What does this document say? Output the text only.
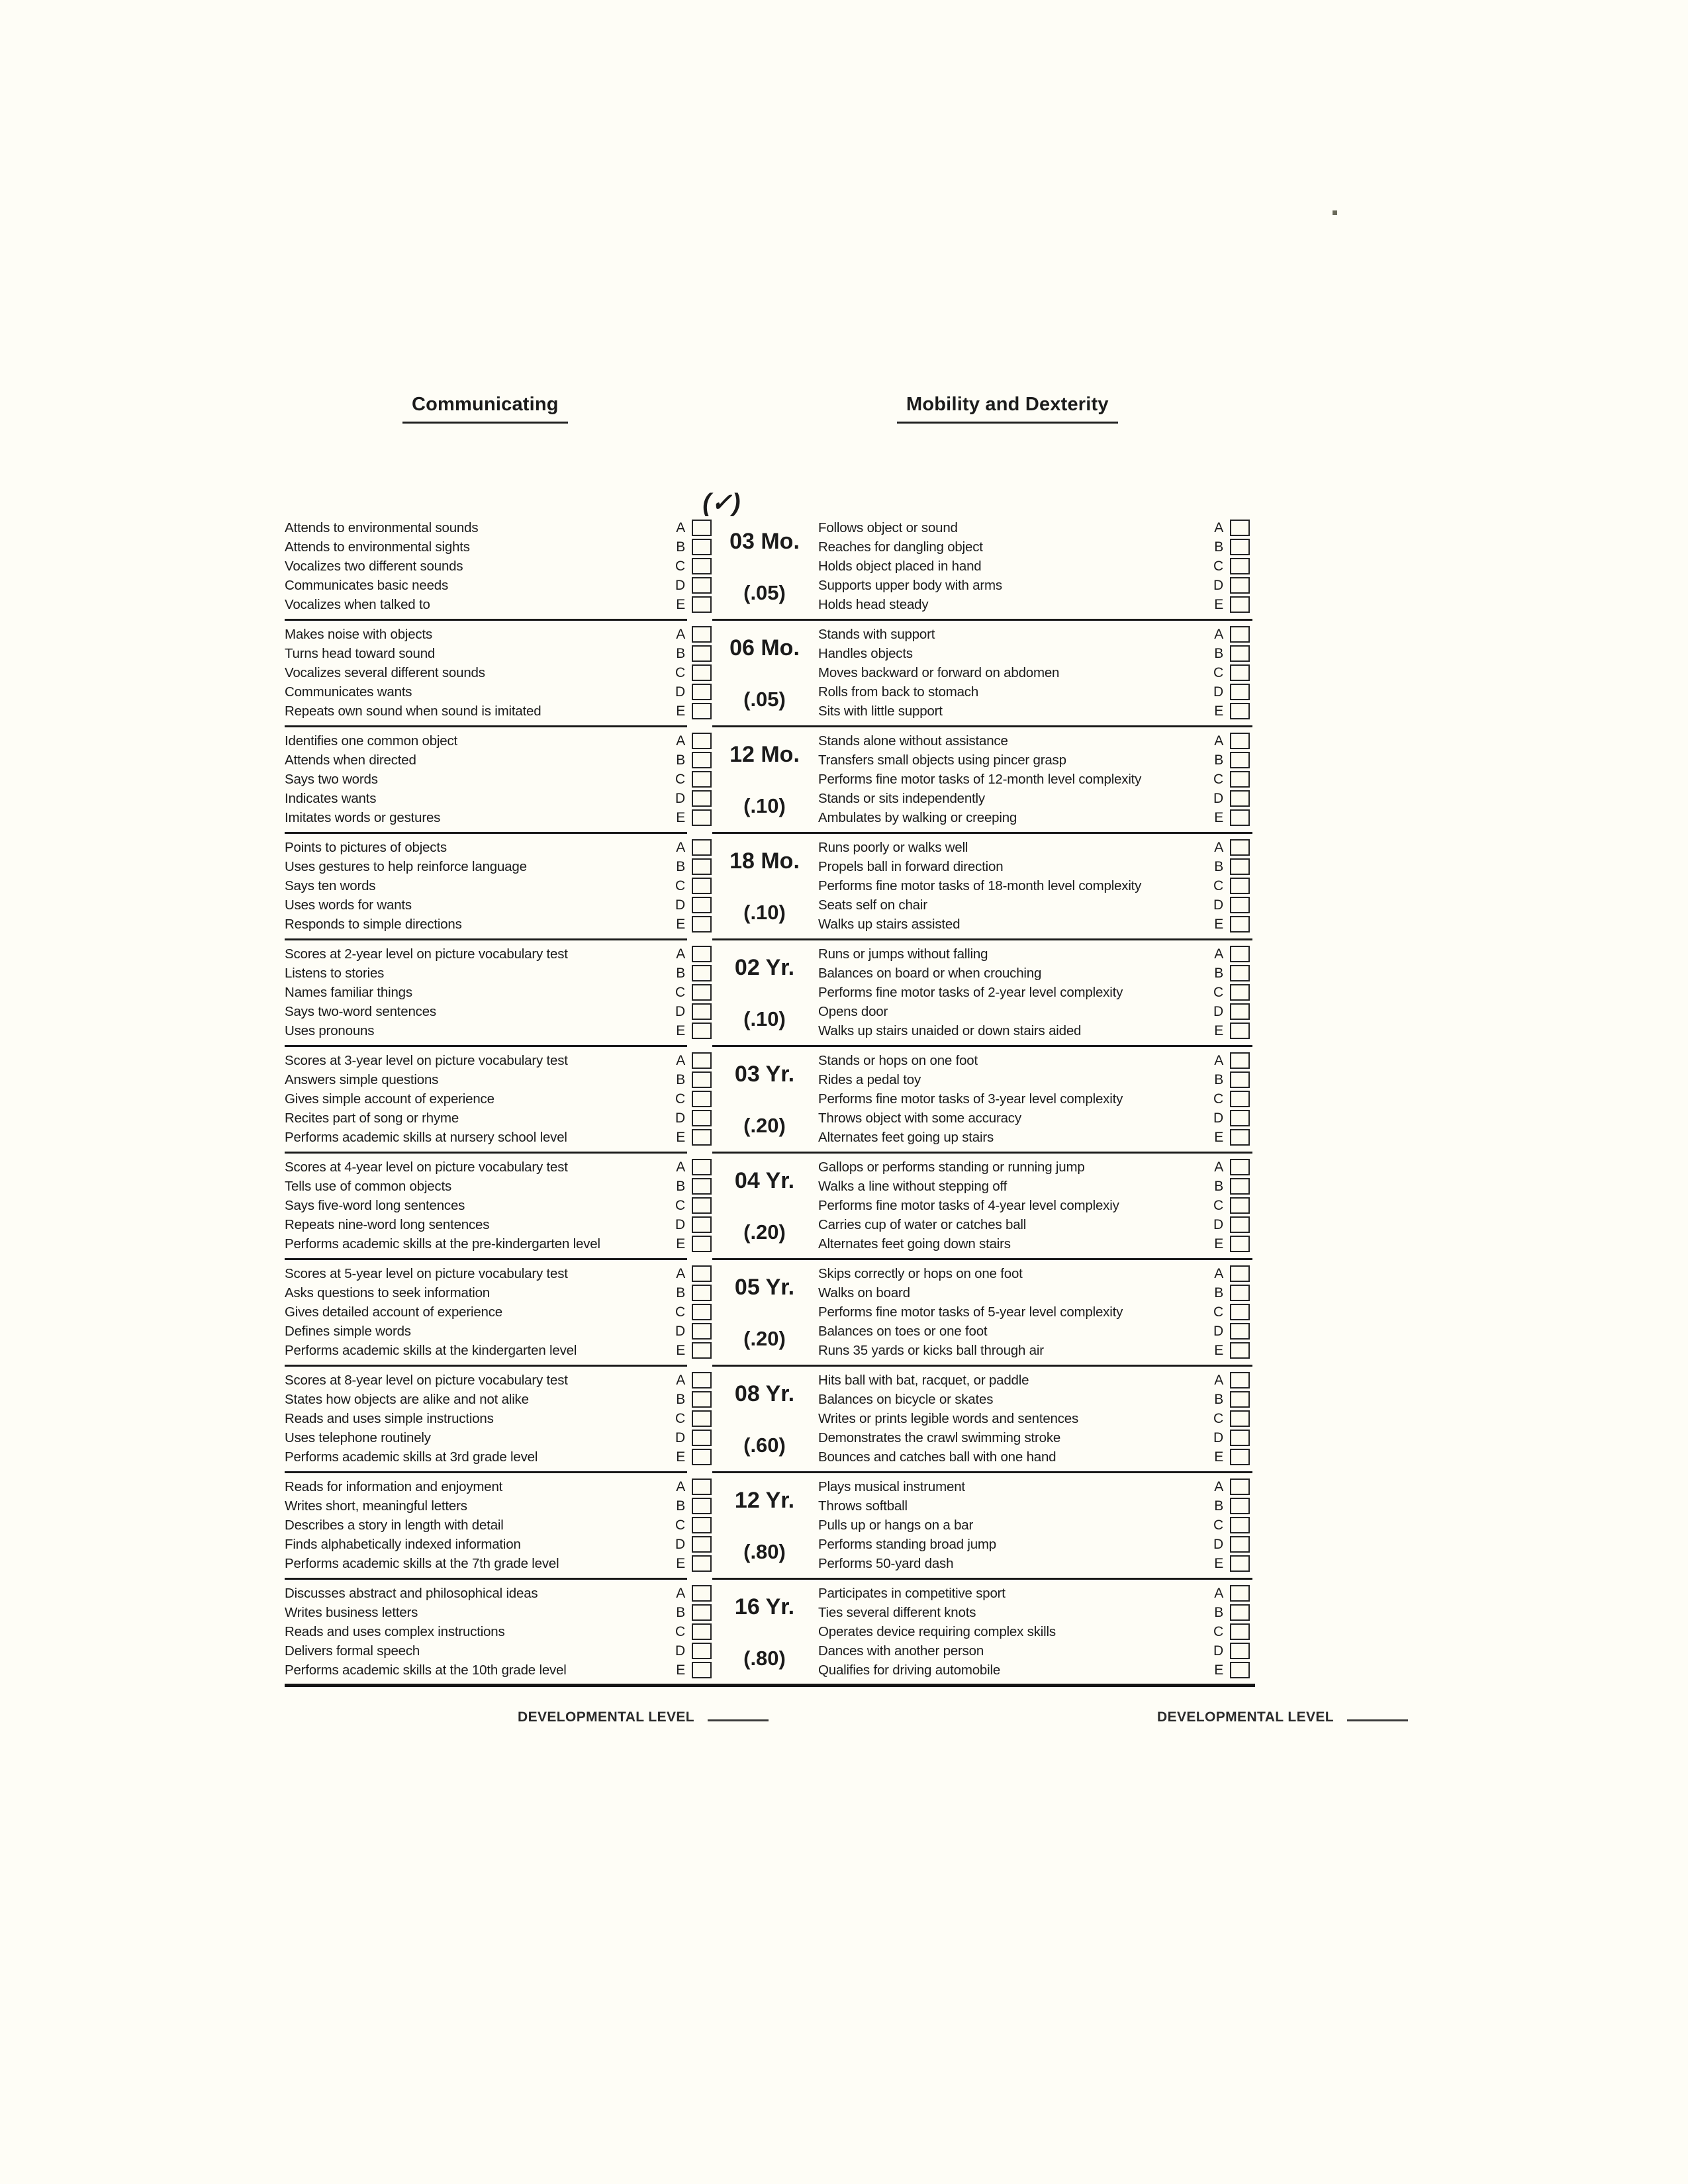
Communicating	Mobility and Dexterity
(✓)
Attends to environmental sounds
Attends to environmental sights
Vocalizes two different sounds
Communicates basic needs
Vocalizes when talked to
A
B
C
D
E
03 Mo.
(.05)
Follows object or sound
Reaches for dangling object
Holds object placed in hand
Supports upper body with arms
Holds head steady
A
B
C
D
E
Makes noise with objects
Turns head toward sound
Vocalizes several different sounds
Communicates wants
Repeats own sound when sound is imitated
A
B
C
D
E
06 Mo.
(.05)
Stands with support
Handles objects
Moves backward or forward on abdomen
Rolls from back to stomach
Sits with little support
A
B
C
D
E
Identifies one common object
Attends when directed
Says two words
Indicates wants
Imitates words or gestures
A
B
C
D
E
12 Mo.
(.10)
Stands alone without assistance
Transfers small objects using pincer grasp
Performs fine motor tasks of 12-month level complexity
Stands or sits independently
Ambulates by walking or creeping
A
B
C
D
E
Points to pictures of objects
Uses gestures to help reinforce language
Says ten words
Uses words for wants
Responds to simple directions
A
B
C
D
E
18 Mo.
(.10)
Runs poorly or walks well
Propels ball in forward direction
Performs fine motor tasks of 18-month level complexity
Seats self on chair
Walks up stairs assisted
A
B
C
D
E
Scores at 2-year level on picture vocabulary test
Listens to stories
Names familiar things
Says two-word sentences
Uses pronouns
A
B
C
D
E
02 Yr.
(.10)
Runs or jumps without falling
Balances on board or when crouching
Performs fine motor tasks of 2-year level complexity
Opens door
Walks up stairs unaided or down stairs aided
A
B
C
D
E
Scores at 3-year level on picture vocabulary test
Answers simple questions
Gives simple account of experience
Recites part of song or rhyme
Performs academic skills at nursery school level
A
B
C
D
E
03 Yr.
(.20)
Stands or hops on one foot
Rides a pedal toy
Performs fine motor tasks of 3-year level complexity
Throws object with some accuracy
Alternates feet going up stairs
A
B
C
D
E
Scores at 4-year level on picture vocabulary test
Tells use of common objects
Says five-word long sentences
Repeats nine-word long sentences
Performs academic skills at the pre-kindergarten level
A
B
C
D
E
04 Yr.
(.20)
Gallops or performs standing or running jump
Walks a line without stepping off
Performs fine motor tasks of 4-year level complexiy
Carries cup of water or catches ball
Alternates feet going down stairs
A
B
C
D
E
Scores at 5-year level on picture vocabulary test
Asks questions to seek information
Gives detailed account of experience
Defines simple words
Performs academic skills at the kindergarten level
A
B
C
D
E
05 Yr.
(.20)
Skips correctly or hops on one foot
Walks on board
Performs fine motor tasks of 5-year level complexity
Balances on toes or one foot
Runs 35 yards or kicks ball through air
A
B
C
D
E
Scores at 8-year level on picture vocabulary test
States how objects are alike and not alike
Reads and uses simple instructions
Uses telephone routinely
Performs academic skills at 3rd grade level
A
B
C
D
E
08 Yr.
(.60)
Hits ball with bat, racquet, or paddle
Balances on bicycle or skates
Writes or prints legible words and sentences
Demonstrates the crawl swimming stroke
Bounces and catches ball with one hand
A
B
C
D
E
Reads for information and enjoyment
Writes short, meaningful letters
Describes a story in length with detail
Finds alphabetically indexed information
Performs academic skills at the 7th grade level
A
B
C
D
E
12 Yr.
(.80)
Plays musical instrument
Throws softball
Pulls up or hangs on a bar
Performs standing broad jump
Performs 50-yard dash
A
B
C
D
E
Discusses abstract and philosophical ideas
Writes business letters
Reads and uses complex instructions
Delivers formal speech
Performs academic skills at the 10th grade level
A
B
C
D
E
16 Yr.
(.80)
Participates in competitive sport
Ties several different knots
Operates device requiring complex skills
Dances with another person
Qualifies for driving automobile
A
B
C
D
E
DEVELOPMENTAL LEVEL	DEVELOPMENTAL LEVEL
